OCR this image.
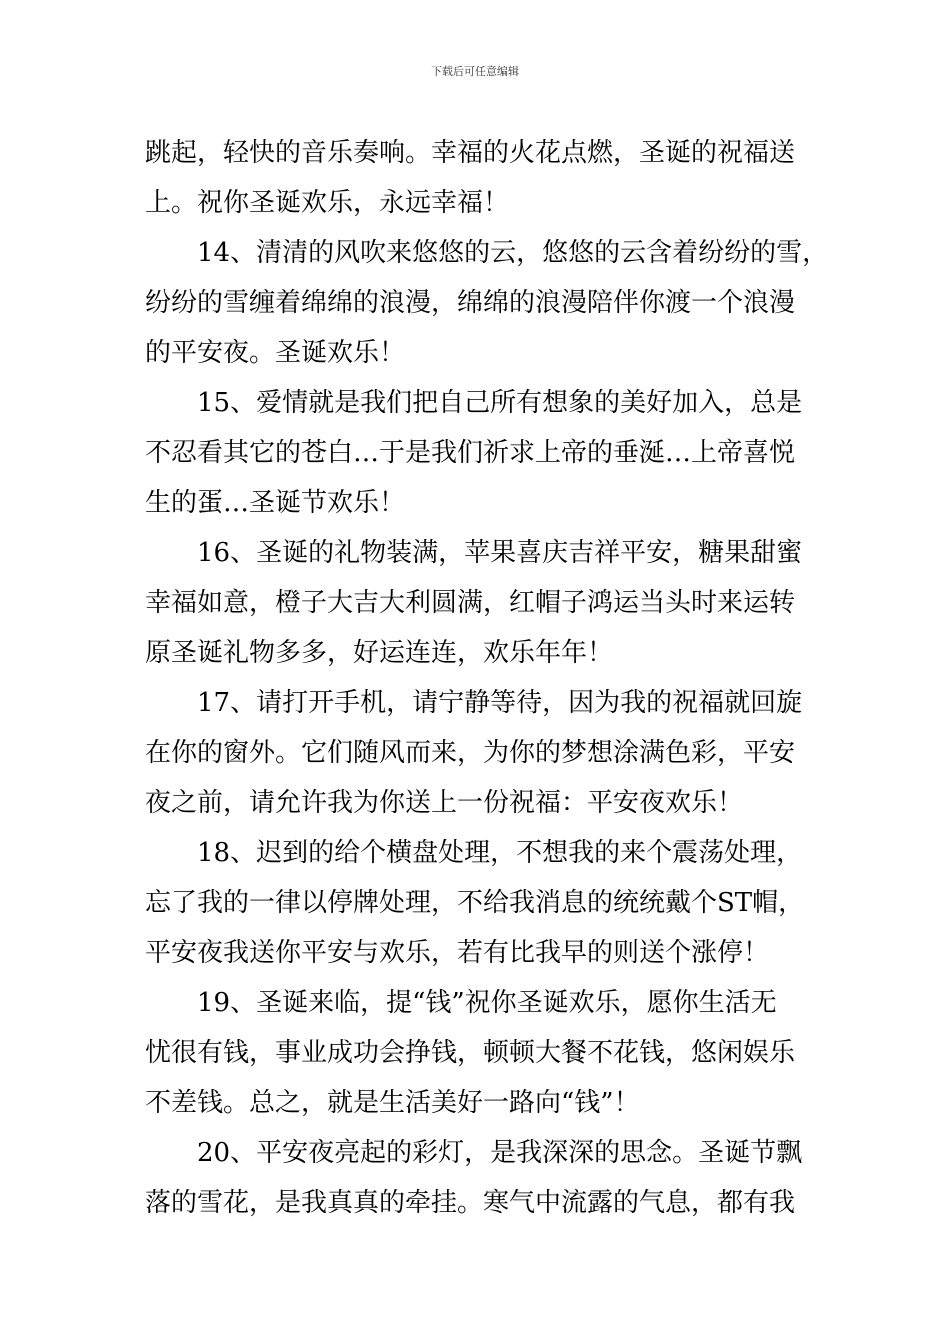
下载后可任意编辑

跳起，轻快的音乐奏响。幸福的火花点燃，圣诞的祝福送
上。祝你圣诞欢乐，永远幸福！

14、清清的风吹来悠悠的云，悠悠的云含着纷纷的雪，
纷纷的雪缠着绵绵的浪漫，绵绵的浪漫陪伴你渡一个浪漫
的平安夜。圣诞欢乐！

15、爱情就是我们把自己所有想象的美好加入，总是
不忍看其它的苍白…于是我们祈求上帝的垂涎…上帝喜悦
生的蛋…圣诞节欢乐！

16、圣诞的礼物装满，苹果喜庆吉祥平安，糖果甜蜜
幸福如意，橙子大吉大利圆满，红帽子鸿运当头时来运转
原圣诞礼物多多，好运连连，欢乐年年！

17、请打开手机，请宁静等待，因为我的祝福就回旋
在你的窗外。它们随风而来，为你的梦想涂满色彩，平安
夜之前，请允许我为你送上一份祝福：平安夜欢乐！

18、迟到的给个横盘处理，不想我的来个震荡处理，
忘了我的一律以停牌处理，不给我消息的统统戴个ST帽，
平安夜我送你平安与欢乐，若有比我早的则送个涨停！

19、圣诞来临，提“钱”祝你圣诞欢乐，愿你生活无
忧很有钱，事业成功会挣钱，顿顿大餐不花钱，悠闲娱乐
不差钱。总之，就是生活美好一路向“钱”！

20、平安夜亮起的彩灯，是我深深的思念。圣诞节飘
落的雪花，是我真真的牵挂。寒气中流露的气息，都有我
